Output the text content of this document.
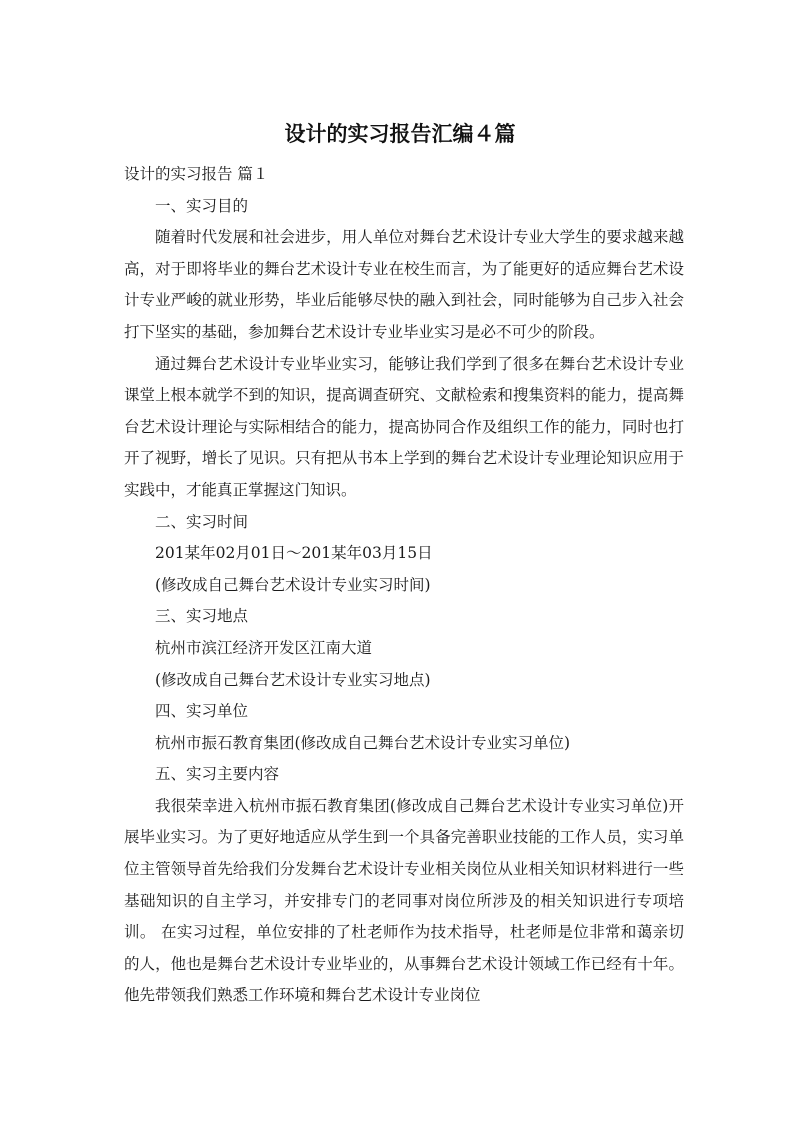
设计的实习报告汇编４篇

设计的实习报告 篇１

一、实习目的

随着时代发展和社会进步，用人单位对舞台艺术设计专业大学生的要求越来越高，对于即将毕业的舞台艺术设计专业在校生而言，为了能更好的适应舞台艺术设计专业严峻的就业形势，毕业后能够尽快的融入到社会，同时能够为自己步入社会打下坚实的基础，参加舞台艺术设计专业毕业实习是必不可少的阶段。

通过舞台艺术设计专业毕业实习，能够让我们学到了很多在舞台艺术设计专业课堂上根本就学不到的知识，提高调查研究、文献检索和搜集资料的能力，提高舞台艺术设计理论与实际相结合的能力，提高协同合作及组织工作的能力，同时也打开了视野，增长了见识。只有把从书本上学到的舞台艺术设计专业理论知识应用于实践中，才能真正掌握这门知识。

二、实习时间

201某年02月01日～201某年03月15日

(修改成自己舞台艺术设计专业实习时间)

三、实习地点

杭州市滨江经济开发区江南大道

(修改成自己舞台艺术设计专业实习地点)

四、实习单位

杭州市振石教育集团(修改成自己舞台艺术设计专业实习单位)

五、实习主要内容

我很荣幸进入杭州市振石教育集团(修改成自己舞台艺术设计专业实习单位)开展毕业实习。为了更好地适应从学生到一个具备完善职业技能的工作人员，实习单位主管领导首先给我们分发舞台艺术设计专业相关岗位从业相关知识材料进行一些基础知识的自主学习，并安排专门的老同事对岗位所涉及的相关知识进行专项培训。 在实习过程，单位安排的了杜老师作为技术指导，杜老师是位非常和蔼亲切的人，他也是舞台艺术设计专业毕业的，从事舞台艺术设计领域工作已经有十年。他先带领我们熟悉工作环境和舞台艺术设计专业岗位
